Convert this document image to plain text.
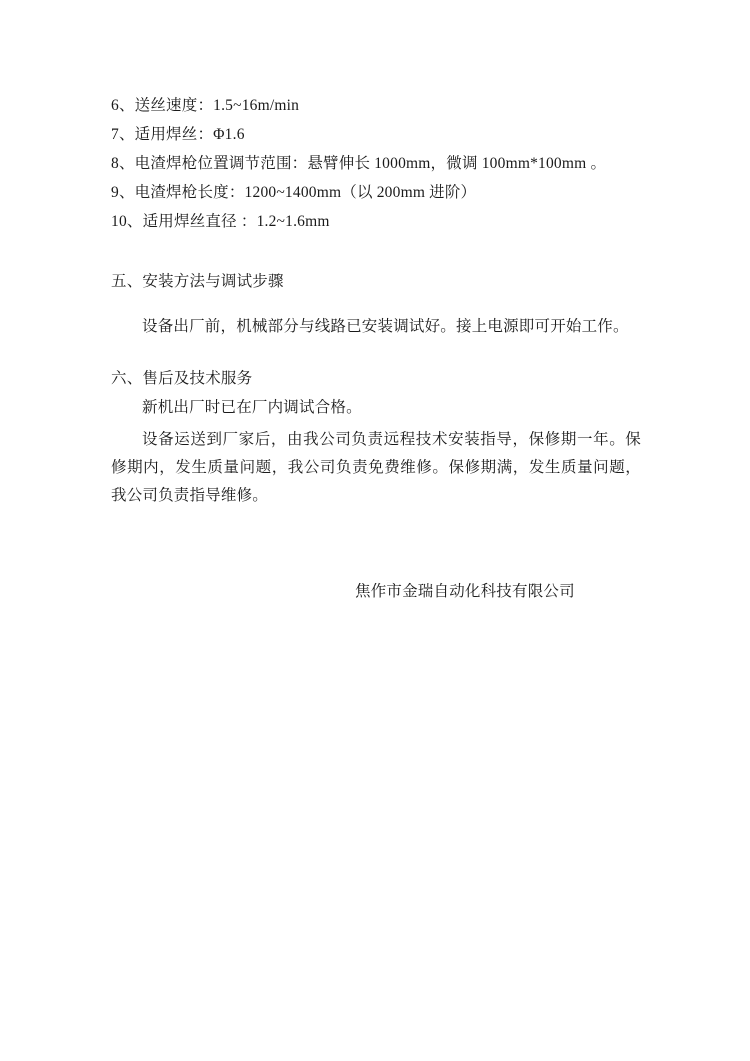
6、送丝速度：1.5~16m/min
7、适用焊丝：Φ1.6
8、电渣焊枪位置调节范围：悬臂伸长 1000mm，微调 100mm*100mm 。
9、电渣焊枪长度：1200~1400mm（以 200mm 进阶）
10、适用焊丝直径 ：1.2~1.6mm
五、安装方法与调试步骤
设备出厂前，机械部分与线路已安装调试好。接上电源即可开始工作。
六、售后及技术服务
新机出厂时已在厂内调试合格。
设备运送到厂家后，由我公司负责远程技术安装指导，保修期一年。保修期内，发生质量问题，我公司负责免费维修。保修期满，发生质量问题，我公司负责指导维修。
焦作市金瑞自动化科技有限公司
